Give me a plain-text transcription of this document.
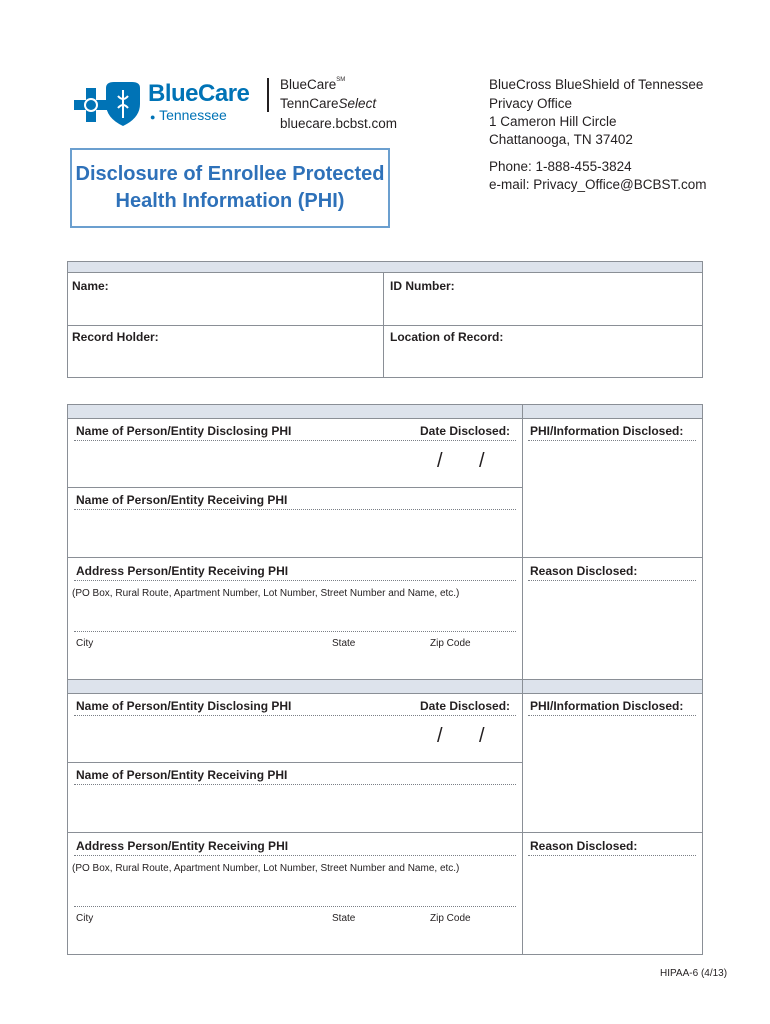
BlueCare
● Tennessee
BlueCare℠
TennCareSelect
bluecare.bcbst.com
BlueCross BlueShield of Tennessee
Privacy Office
1 Cameron Hill Circle
Chattanooga, TN 37402
Phone: 1-888-455-3824
e-mail: Privacy_Office@BCBST.com
Disclosure of Enrollee Protected
Health Information (PHI)
Name:	ID Number:
Record Holder:	Location of Record:
Name of Person/Entity Disclosing PHI	Date Disclosed:
/ /
PHI/Information Disclosed:
Name of Person/Entity Receiving PHI
Address Person/Entity Receiving PHI
(PO Box, Rural Route, Apartment Number, Lot Number, Street Number and Name, etc.)
City	State	Zip Code
Reason Disclosed:
Name of Person/Entity Disclosing PHI	Date Disclosed:
/ /
PHI/Information Disclosed:
Name of Person/Entity Receiving PHI
Address Person/Entity Receiving PHI
(PO Box, Rural Route, Apartment Number, Lot Number, Street Number and Name, etc.)
City	State	Zip Code
Reason Disclosed:
HIPAA-6 (4/13)
